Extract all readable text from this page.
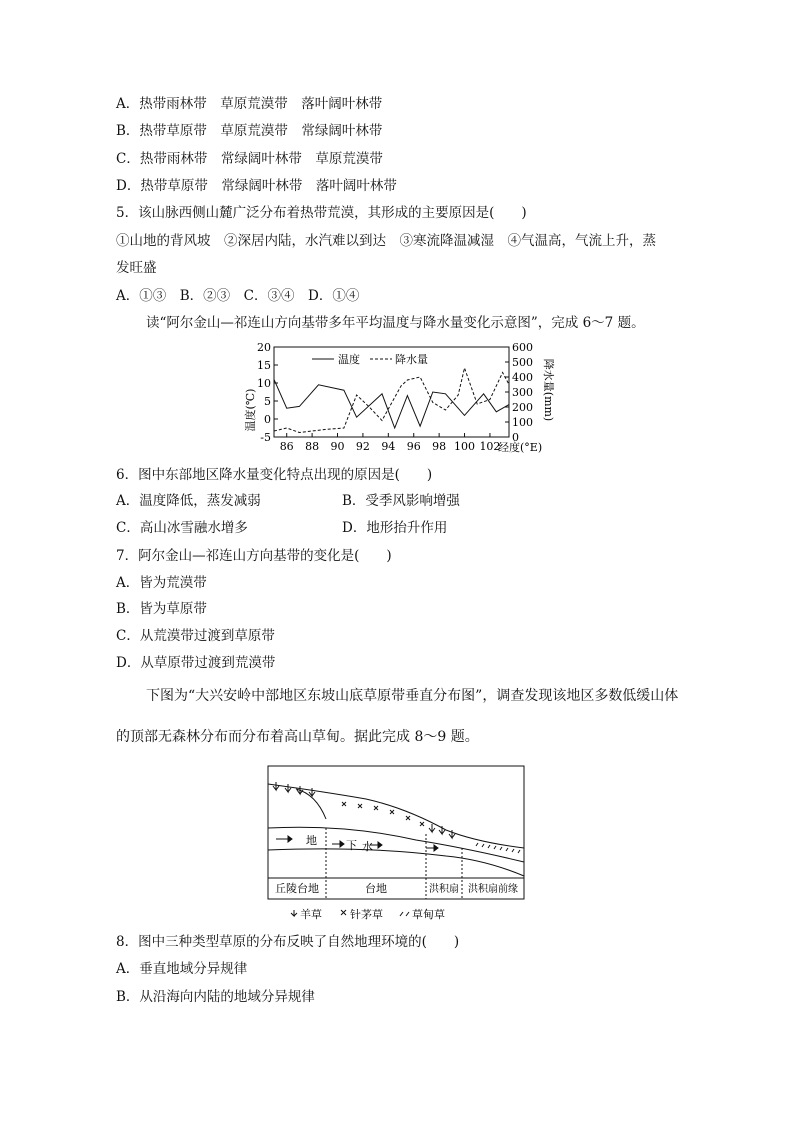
A．热带雨林带　草原荒漠带　落叶阔叶林带
B．热带草原带　草原荒漠带　常绿阔叶林带
C．热带雨林带　常绿阔叶林带　草原荒漠带
D．热带草原带　常绿阔叶林带　落叶阔叶林带
5．该山脉西侧山麓广泛分布着热带荒漠，其形成的主要原因是(　　)
①山地的背风坡　②深居内陆，水汽难以到达　③寒流降温减湿　④气温高，气流上升，蒸
发旺盛
A．①③　B．②③　C．③④　D．①④
读“阿尔金山—祁连山方向基带多年平均温度与降水量变化示意图”，完成 6～7 题。
20
15
10
5
0
-5
600
500
400
300
200
100
0
86 88 90 92 94 96 98 100 102
温度(℃)	降水量(mm)
经度(°E)
温度	降水量
6．图中东部地区降水量变化特点出现的原因是(　　)
A．温度降低，蒸发减弱	B．受季风影响增强
C．高山冰雪融水增多	D．地形抬升作用
7．阿尔金山—祁连山方向基带的变化是(　　)
A．皆为荒漠带
B．皆为草原带
C．从荒漠带过渡到草原带
D．从草原带过渡到荒漠带
下图为“大兴安岭中部地区东坡山底草原带垂直分布图”，调查发现该地区多数低缓山体
的顶部无森林分布而分布着高山草甸。据此完成 8～9 题。
地	下 水
丘陵台地	台地	洪积扇 洪积扇前缘
羊草	针茅草	草甸草
8．图中三种类型草原的分布反映了自然地理环境的(　　)
A．垂直地域分异规律
B．从沿海向内陆的地域分异规律
